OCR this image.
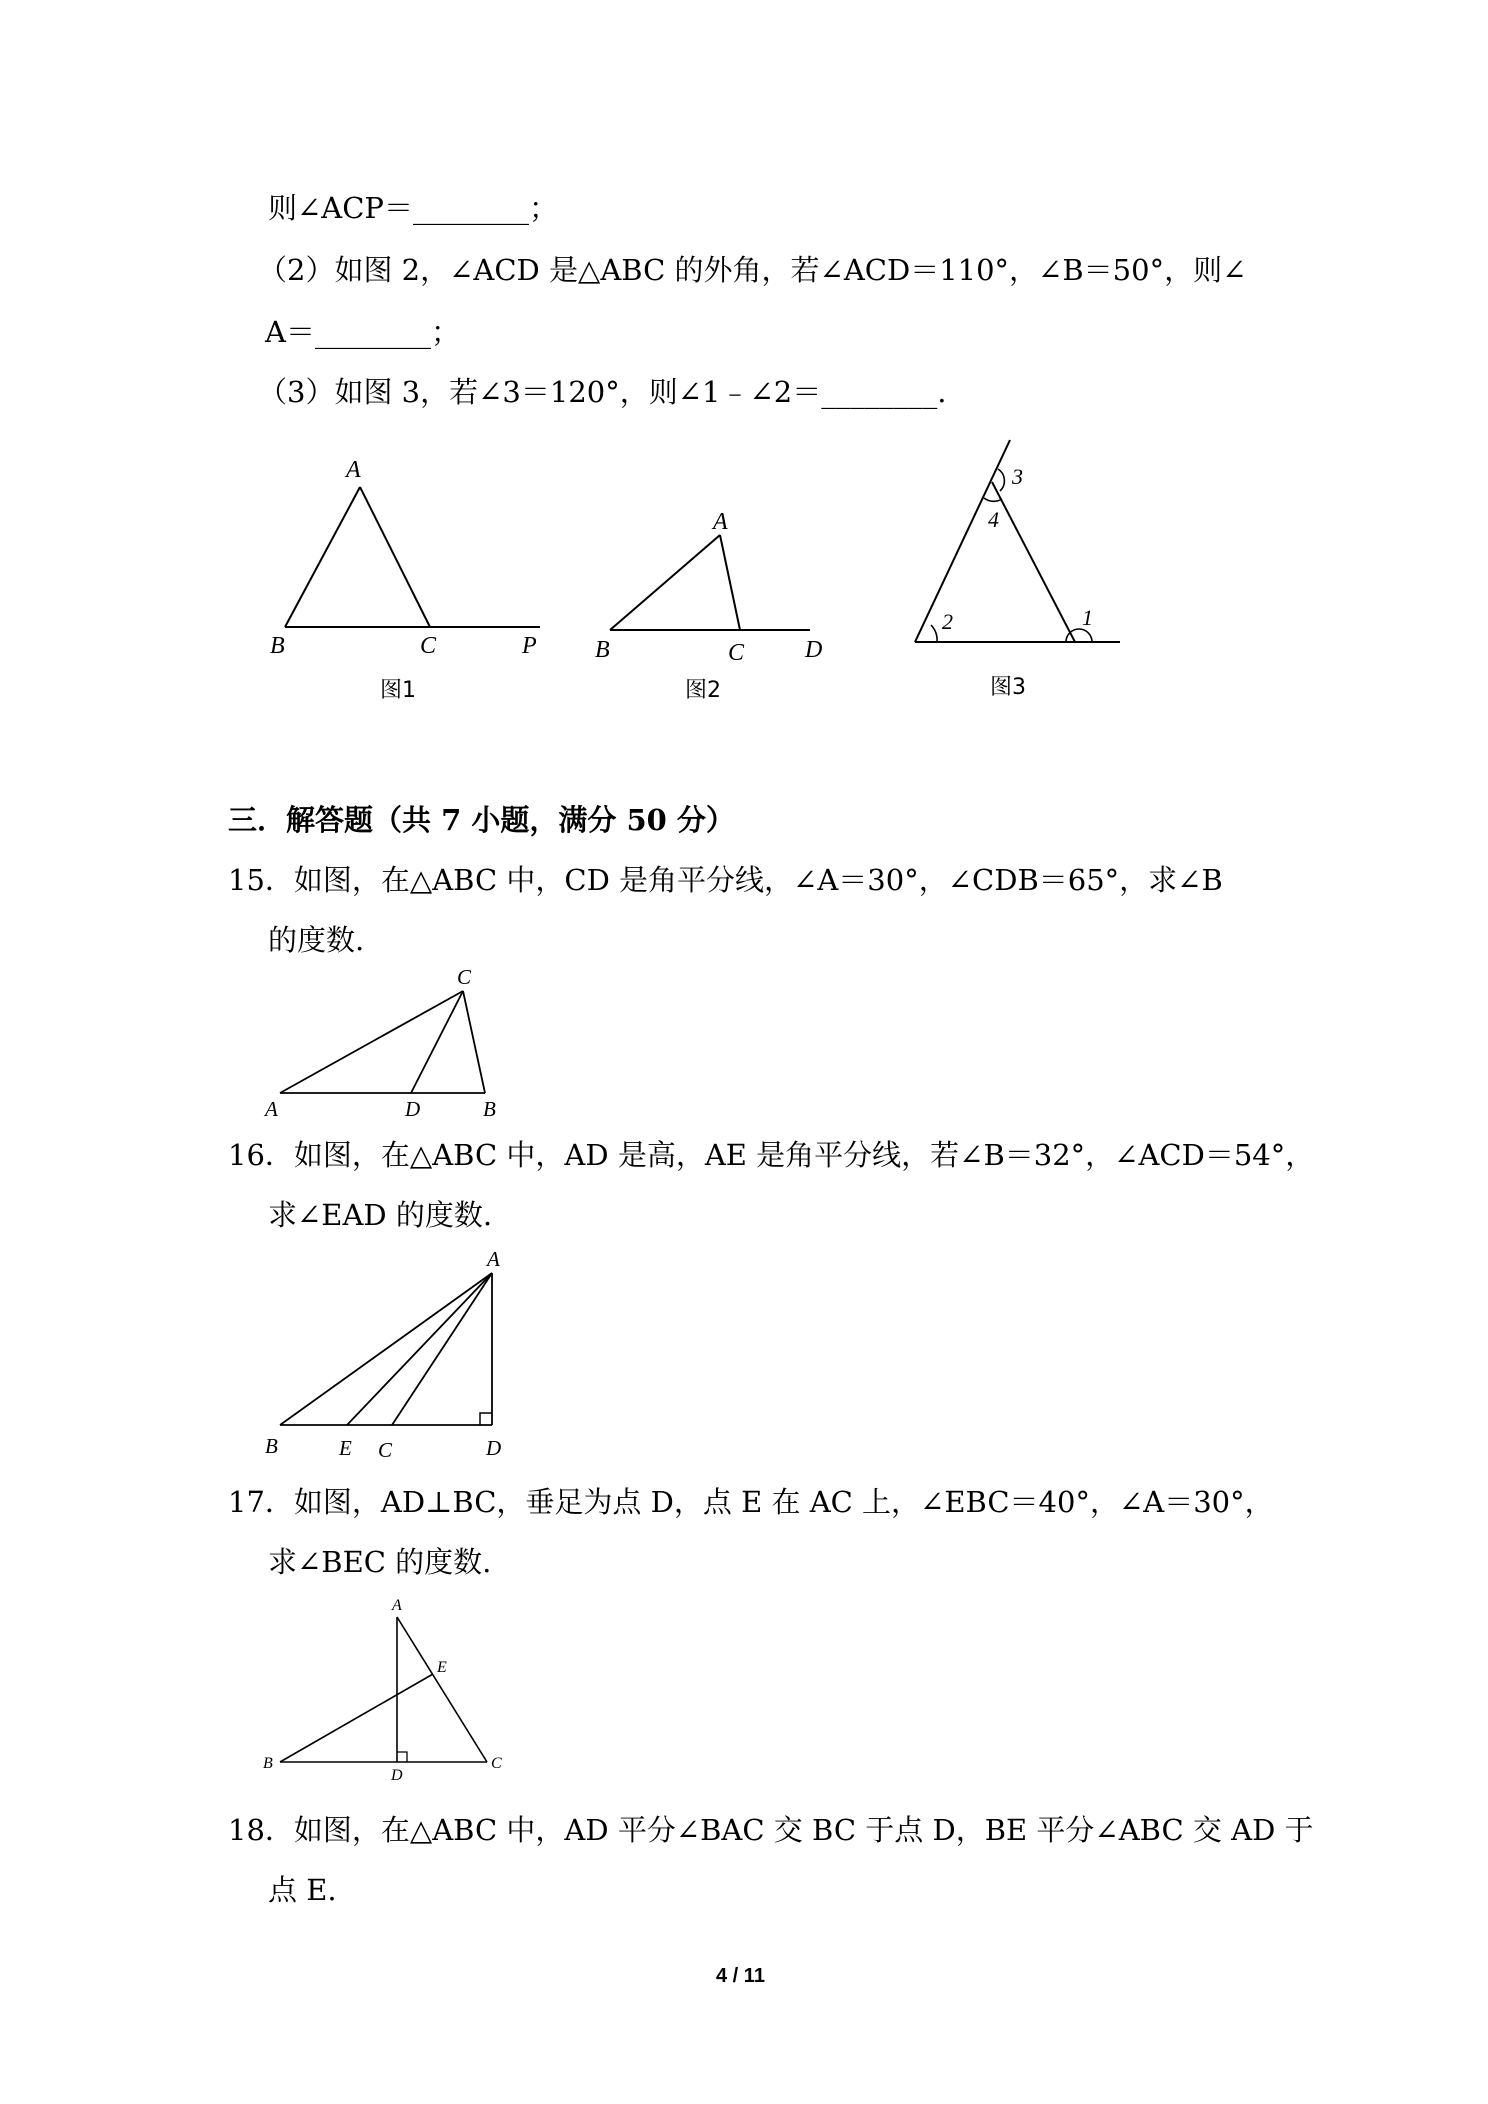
则∠ACP＝________；
（2）如图 2，∠ACD 是△ABC 的外角，若∠ACD＝110°，∠B＝50°，则∠
A＝________；
（3）如图 3，若∠3＝120°，则∠1﹣∠2＝________.
A
B	C	P
图1
A
B	C	D
图2
3
4
2	1
图3
三．解答题（共 7 小题，满分 50 分）
15．如图，在△ABC 中，CD 是角平分线，∠A＝30°，∠CDB＝65°，求∠B
的度数.
C
A	D	B
16．如图，在△ABC 中，AD 是高，AE 是角平分线，若∠B＝32°，∠ACD＝54°，
求∠EAD 的度数.
A
B	E C	D
17．如图，AD⊥BC，垂足为点 D，点 E 在 AC 上，∠EBC＝40°，∠A＝30°，
求∠BEC 的度数.
A
E
B
D
C
18．如图，在△ABC 中，AD 平分∠BAC 交 BC 于点 D，BE 平分∠ABC 交 AD 于
点 E.
4 / 11
